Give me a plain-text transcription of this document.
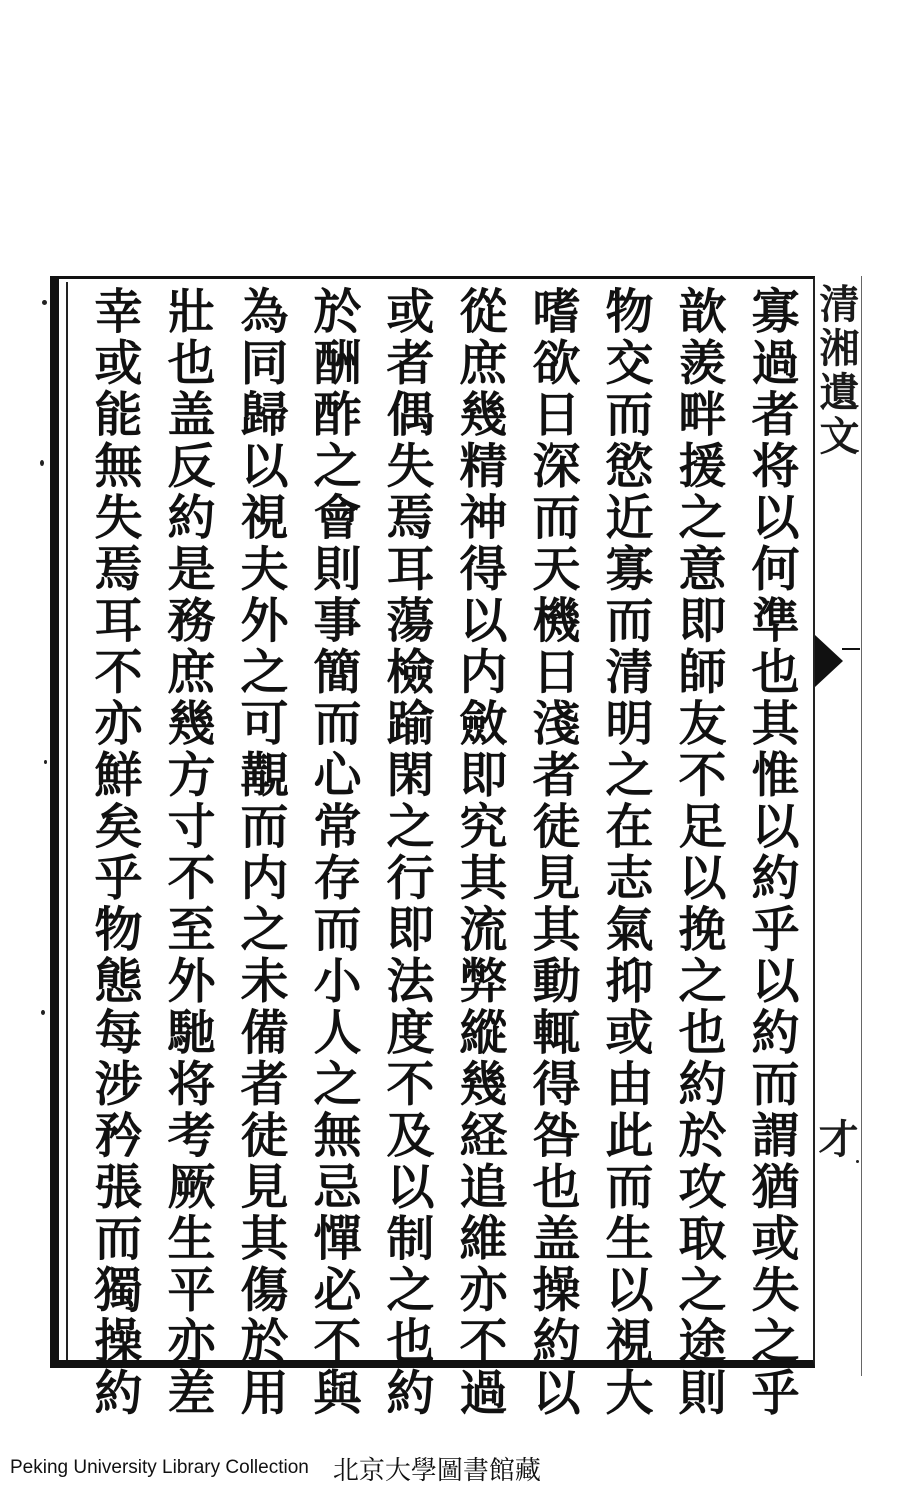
清湘遺文
才
寡過者将以何準也其惟以約乎以約而謂猶或失之乎
歆羨畔援之意即師友不足以挽之也約於攻取之途則
物交而慾近寡而清明之在志氣抑或由此而生以視大
嗜欲日深而天機日淺者徒見其動輒得咎也盖操約以
從庶幾精神得以内斂即究其流弊縱幾経追維亦不過
或者偶失焉耳蕩檢踰閑之行即法度不及以制之也約
於酬酢之會則事簡而心常存而小人之無忌憚必不與
為同歸以視夫外之可覯而内之未備者徒見其傷於用
壯也盖反約是務庶幾方寸不至外馳将考厥生平亦差
幸或能無失焉耳不亦鮮矣乎物態每涉矜張而獨操約
Peking University Library Collection 北京大學圖書館藏
